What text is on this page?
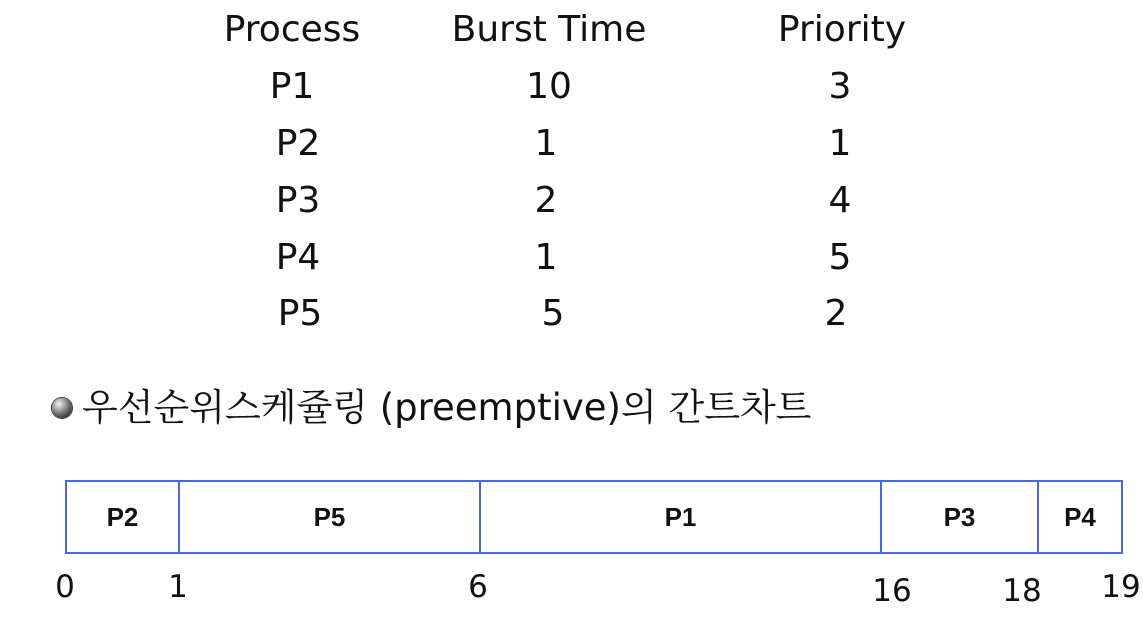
Process	Burst Time	Priority
P1	10	3
P2	1	1
P3	2	4
P4	1	5
P5	5	2
우선순위스케쥴링 (preemptive)의 간트차트
P2	P5	P1	P3	P4
0	1	6	16	18 19
